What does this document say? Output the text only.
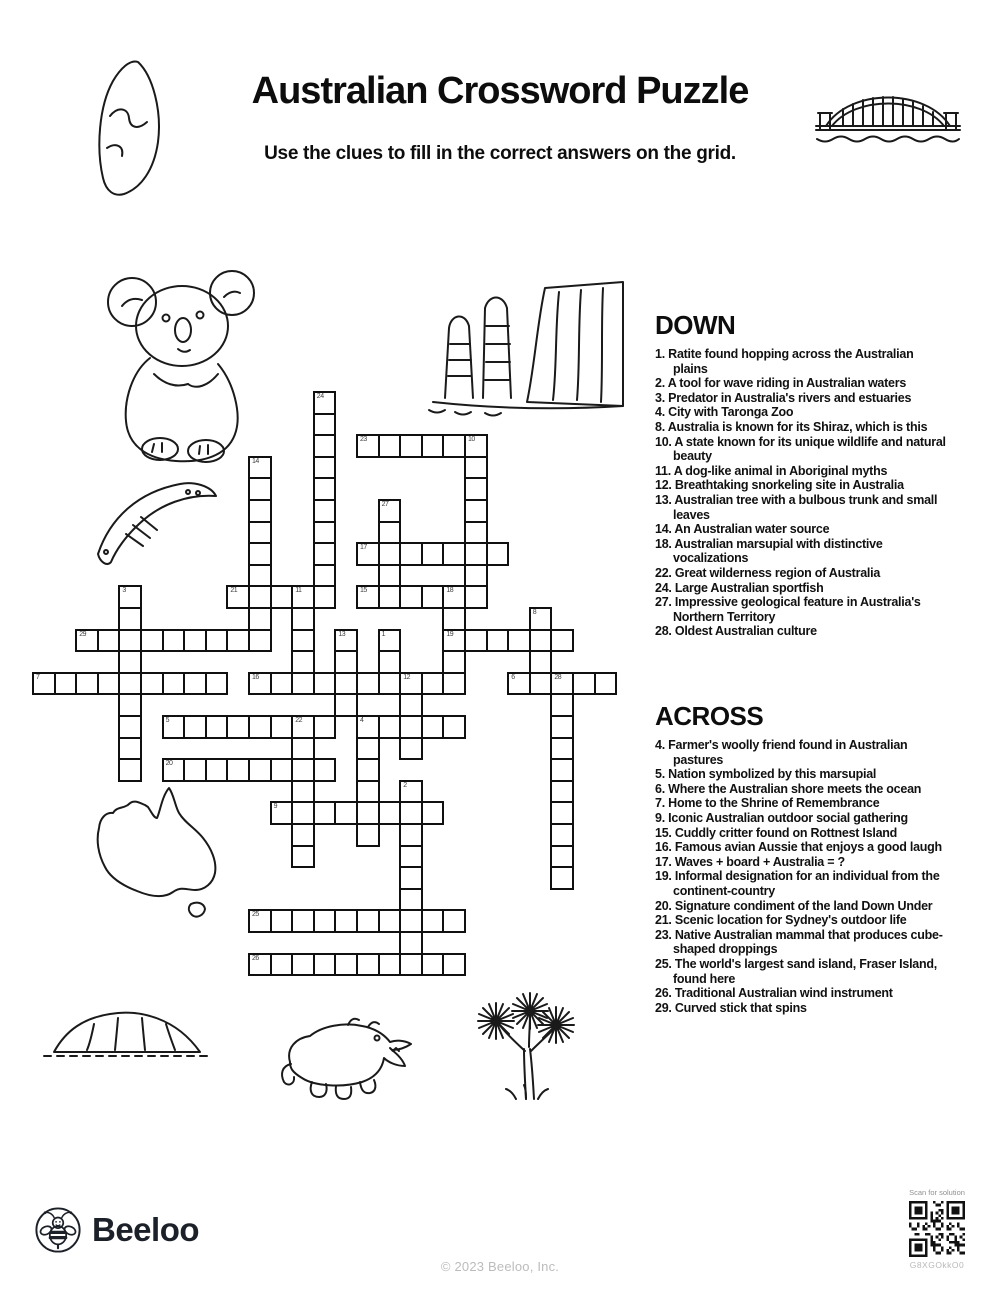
Australian Crossword Puzzle
Use the clues to fill in the correct answers on the grid.
24
23	10
14
27
17
3	21	11	15	18
19
8
29	13	1
7	16	12	6	28
5	22	4
20
2
9
25
26
DOWN
1. Ratite found hopping across the Australian plains
2. A tool for wave riding in Australian waters
3. Predator in Australia's rivers and estuaries
4. City with Taronga Zoo
8. Australia is known for its Shiraz, which is this
10. A state known for its unique wildlife and natural beauty
11. A dog-like animal in Aboriginal myths
12. Breathtaking snorkeling site in Australia
13. Australian tree with a bulbous trunk and small leaves
14. An Australian water source
18. Australian marsupial with distinctive vocalizations
22. Great wilderness region of Australia
24. Large Australian sportfish
27. Impressive geological feature in Australia's Northern Territory
28. Oldest Australian culture
ACROSS
4. Farmer's woolly friend found in Australian pastures
5. Nation symbolized by this marsupial
6. Where the Australian shore meets the ocean
7. Home to the Shrine of Remembrance
9. Iconic Australian outdoor social gathering
15. Cuddly critter found on Rottnest Island
16. Famous avian Aussie that enjoys a good laugh
17. Waves + board + Australia = ?
19. Informal designation for an individual from the continent-country
20. Signature condiment of the land Down Under
21. Scenic location for Sydney's outdoor life
23. Native Australian mammal that produces cube-shaped droppings
25. The world's largest sand island, Fraser Island, found here
26. Traditional Australian wind instrument
29. Curved stick that spins
Beeloo
© 2023 Beeloo, Inc.
Scan for solution
G8XGOkkO0
